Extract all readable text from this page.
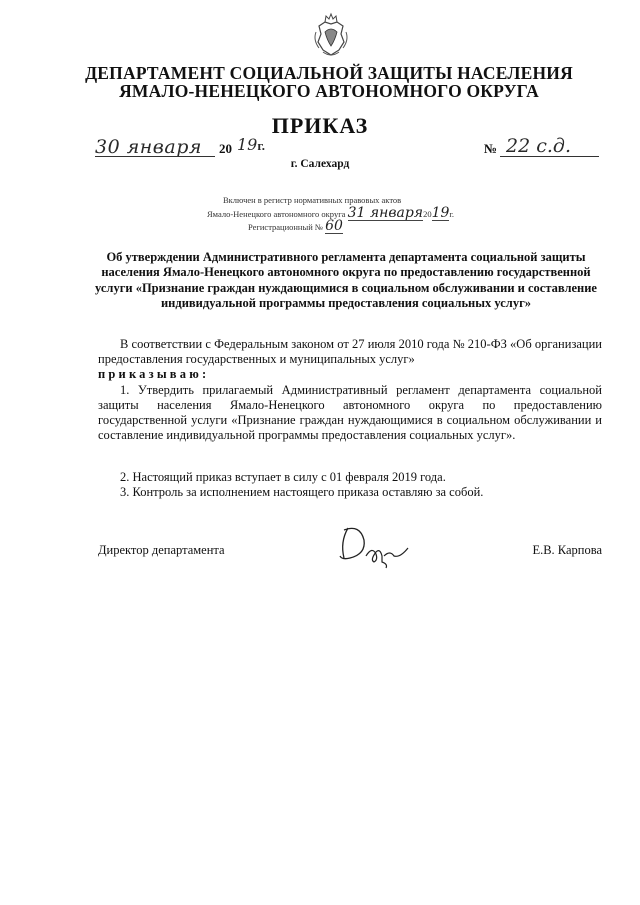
ДЕПАРТАМЕНТ СОЦИАЛЬНОЙ ЗАЩИТЫ НАСЕЛЕНИЯ
ЯМАЛО-НЕНЕЦКОГО АВТОНОМНОГО ОКРУГА
ПРИКАЗ
30 января 20 19г.	№ 22 с.д.
г. Салехард
Включен в регистр нормативных правовых актов
Ямало-Ненецкого автономного округа 31 января2019г.
Регистрационный № 60
Об утверждении Административного регламента департамента социальной защиты населения Ямало-Ненецкого автономного округа по предоставлению государственной услуги «Признание граждан нуждающимися в социальном обслуживании и составление индивидуальной программы предоставления социальных услуг»
В соответствии с Федеральным законом от 27 июля 2010 года № 210-ФЗ «Об организации предоставления государственных и муниципальных услуг»
приказываю:
1. Утвердить прилагаемый Административный регламент департамента социальной защиты населения Ямало-Ненецкого автономного округа по предоставлению государственной услуги «Признание граждан нуждающимися в социальном обслуживании и составление индивидуальной программы предоставления социальных услуг».
2. Настоящий приказ вступает в силу с 01 февраля 2019 года.
3. Контроль за исполнением настоящего приказа оставляю за собой.
Директор департамента	Е.В. Карпова
